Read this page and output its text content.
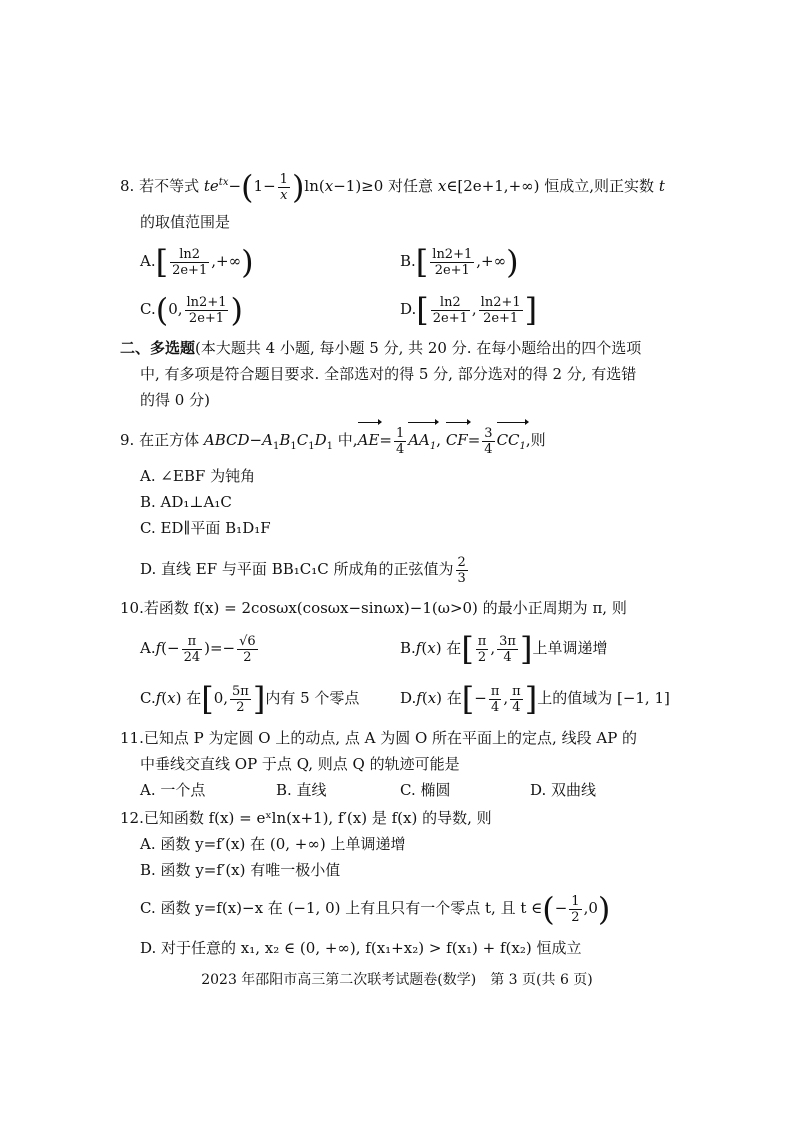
8. 若不等式 $te^{tx}-(1- \frac{1}{x} )\ln(x-1)\ge 0$ 对任意 x∈[2e+1,+∞) 恒成立,则正实数 t
的取值范围是
$A.[ \frac{\ln 2}{2e+1}$ ,+∞)	$B.[ \frac{\ln 2+1}{2e+1}$ ,+∞)
C.(0, $\frac{\ln 2+1}{2e+1}$ )	$D.[ \frac{\ln 2}{2e+1}$ , $\frac{\ln 2+1}{2e+1}$ ]
二、多选题(本大题共 4 小题, 每小题 5 分, 共 20 分. 在每小题给出的四个选项
中, 有多项是符合题目要求. 全部选对的得 5 分, 部分选对的得 2 分, 有选错
的得 0 分)
9. 在正方体 $ABCD-A_1B_1C_1D_1$ 中$,AE= \frac{1}{4} AA_1$, $CF= \frac{3}{4} CC_1$,则
A. ∠EBF 为钝角
B. AD₁⊥A₁C
C. ED∥平面 B₁D₁F
D. 直线 EF 与平面 BB₁C₁C 所成角的正弦值为 $\frac{2}{3}$
10.若函数 f(x) = 2cosωx(cosωx−sinωx)−1(ω>0) 的最小正周期为 π, 则
$A.f(- \frac{\pi}{24}$ )=− $\frac{√6}{2}$	B.f(x) 在[ $\frac{\pi}{2}$ , $\frac{3\pi}{4}$ ]上单调递增
C.f(x) 在[0, $\frac{5\pi}{2}$ ]内有 5 个零点	D.f(x) 在[− $\frac{\pi}{4}$ , $\frac{\pi}{4}$ ]上的值域为 [−1, 1]
11.已知点 P 为定圆 O 上的动点, 点 A 为圆 O 所在平面上的定点, 线段 AP 的
中垂线交直线 OP 于点 Q, 则点 Q 的轨迹可能是
A. 一个点	B. 直线	C. 椭圆	D. 双曲线
12.已知函数 f(x) = eˣln(x+1), f′(x) 是 f(x) 的导数, 则
A. 函数 y=f′(x) 在 (0, +∞) 上单调递增
B. 函数 y=f′(x) 有唯一极小值
C. 函数 y=f(x)−x 在 (−1, 0) 上有且只有一个零点 t, 且 t ∈(− $\frac{1}{2} ,0$)
D. 对于任意的 x₁, x₂ ∈ (0, +∞), f(x₁+x₂) > f(x₁) + f(x₂) 恒成立
2023 年邵阳市高三第二次联考试题卷(数学)　第 3 页(共 6 页)
